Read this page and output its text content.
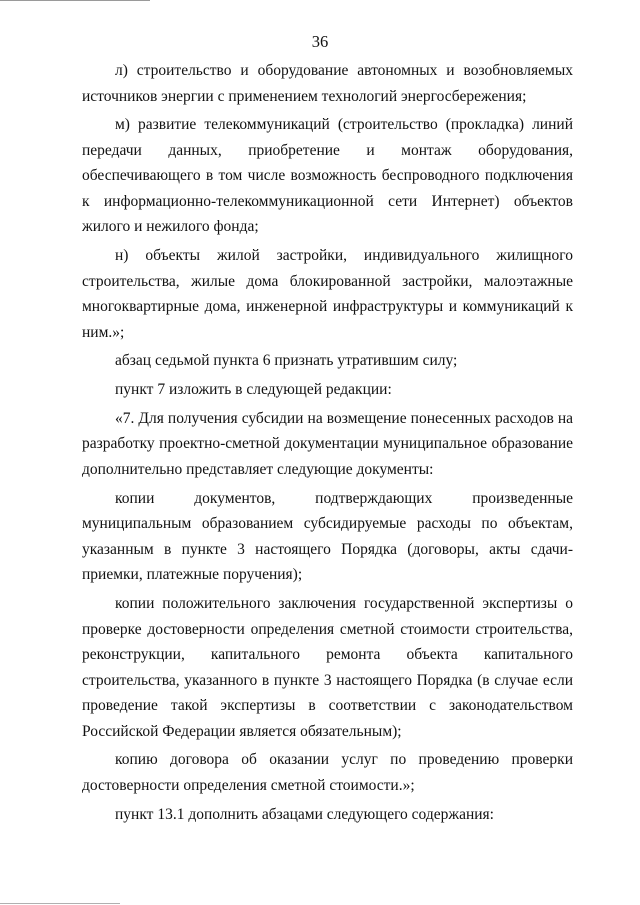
36

л) строительство и оборудование автономных и возобновляемых источников энергии с применением технологий энергосбережения;

м) развитие телекоммуникаций (строительство (прокладка) линий передачи данных, приобретение и монтаж оборудования, обеспечивающего в том числе возможность беспроводного подключения к информационно-телекоммуникационной сети Интернет) объектов жилого и нежилого фонда;

н) объекты жилой застройки, индивидуального жилищного строительства, жилые дома блокированной застройки, малоэтажные многоквартирные дома, инженерной инфраструктуры и коммуникаций к ним.»;

абзац седьмой пункта 6 признать утратившим силу;

пункт 7 изложить в следующей редакции:

«7. Для получения субсидии на возмещение понесенных расходов на разработку проектно-сметной документации муниципальное образование дополнительно представляет следующие документы:

копии документов, подтверждающих произведенные муниципальным образованием субсидируемые расходы по объектам, указанным в пункте 3 настоящего Порядка (договоры, акты сдачи-приемки, платежные поручения);

копии положительного заключения государственной экспертизы о проверке достоверности определения сметной стоимости строительства, реконструкции, капитального ремонта объекта капитального строительства, указанного в пункте 3 настоящего Порядка (в случае если проведение такой экспертизы в соответствии с законодательством Российской Федерации является обязательным);

копию договора об оказании услуг по проведению проверки достоверности определения сметной стоимости.»;

пункт 13.1 дополнить абзацами следующего содержания:
